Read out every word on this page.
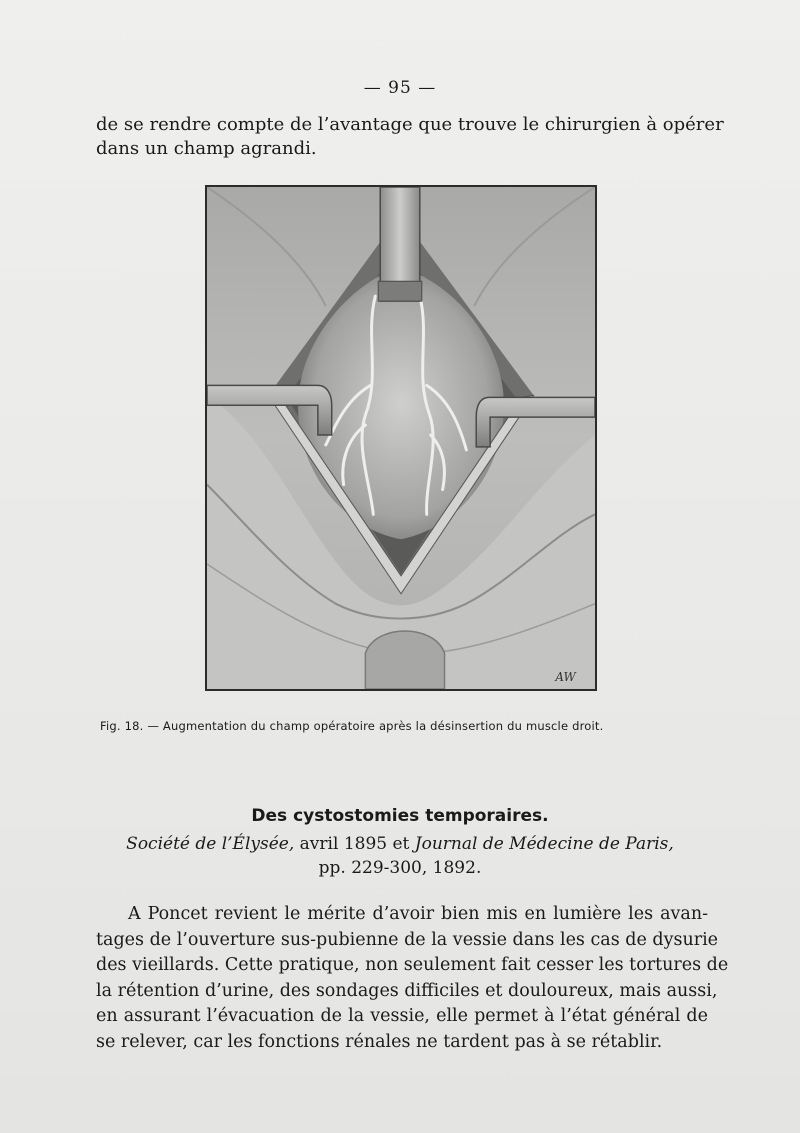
— 95 —
de se rendre compte de l’avantage que trouve le chirurgien à opérer
dans un champ agrandi.
AW
Fig. 18. — Augmentation du champ opératoire après la désinsertion du muscle droit.
Des cystostomies temporaires.
Société de l’Élysée, avril 1895 et Journal de Médecine de Paris,
pp. 229-300, 1892.
A Poncet revient le mérite d’avoir bien mis en lumière les avan-
tages de l’ouverture sus-pubienne de la vessie dans les cas de dysurie
des vieillards. Cette pratique, non seulement fait cesser les tortures de
la rétention d’urine, des sondages difficiles et douloureux, mais aussi,
en assurant l’évacuation de la vessie, elle permet à l’état général de
se relever, car les fonctions rénales ne tardent pas à se rétablir.
